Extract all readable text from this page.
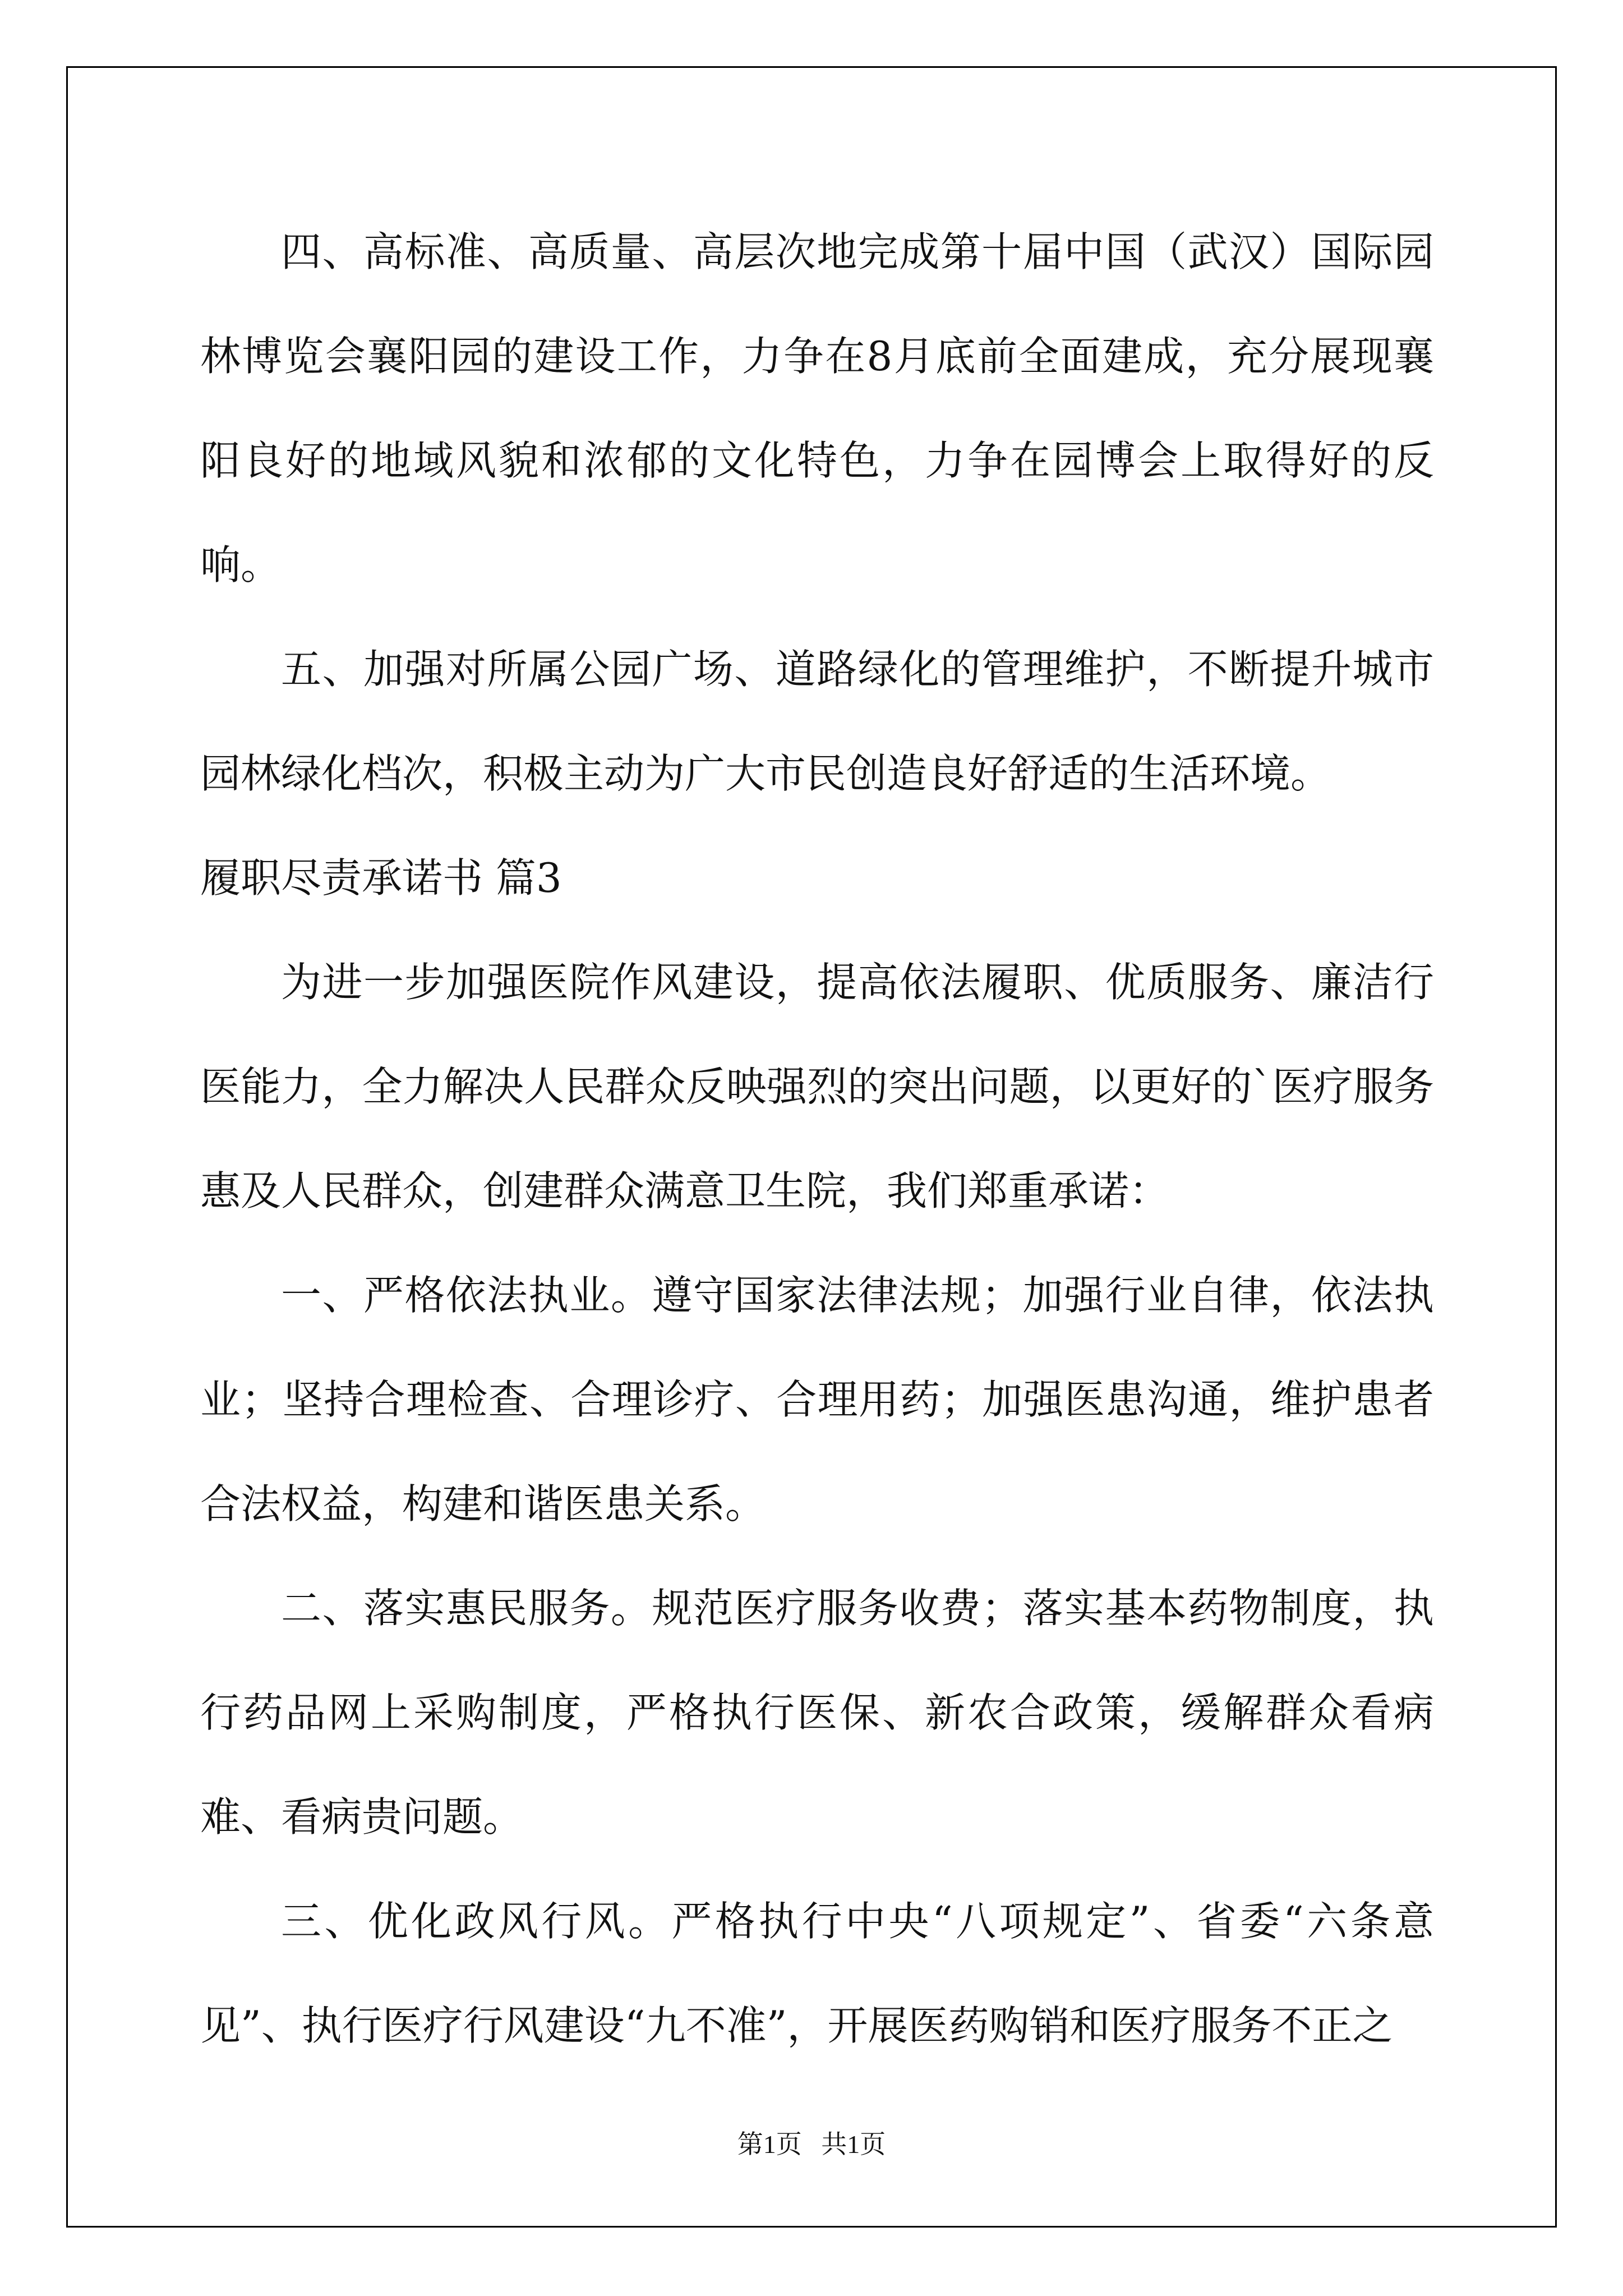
四、高标准、高质量、高层次地完成第十届中国（武汉）国际园林博览会襄阳园的建设工作，力争在8月底前全面建成，充分展现襄阳良好的地域风貌和浓郁的文化特色，力争在园博会上取得好的反响。

五、加强对所属公园广场、道路绿化的管理维护，不断提升城市园林绿化档次，积极主动为广大市民创造良好舒适的生活环境。

履职尽责承诺书 篇3

为进一步加强医院作风建设，提高依法履职、优质服务、廉洁行医能力，全力解决人民群众反映强烈的突出问题，以更好的`医疗服务惠及人民群众，创建群众满意卫生院，我们郑重承诺：

一、严格依法执业。遵守国家法律法规；加强行业自律，依法执业；坚持合理检查、合理诊疗、合理用药；加强医患沟通，维护患者合法权益，构建和谐医患关系。

二、落实惠民服务。规范医疗服务收费；落实基本药物制度，执行药品网上采购制度，严格执行医保、新农合政策，缓解群众看病难、看病贵问题。

三、优化政风行风。严格执行中央“八项规定”、省委“六条意见”、执行医疗行风建设“九不准”，开展医药购销和医疗服务不正之

第1页   共1页
